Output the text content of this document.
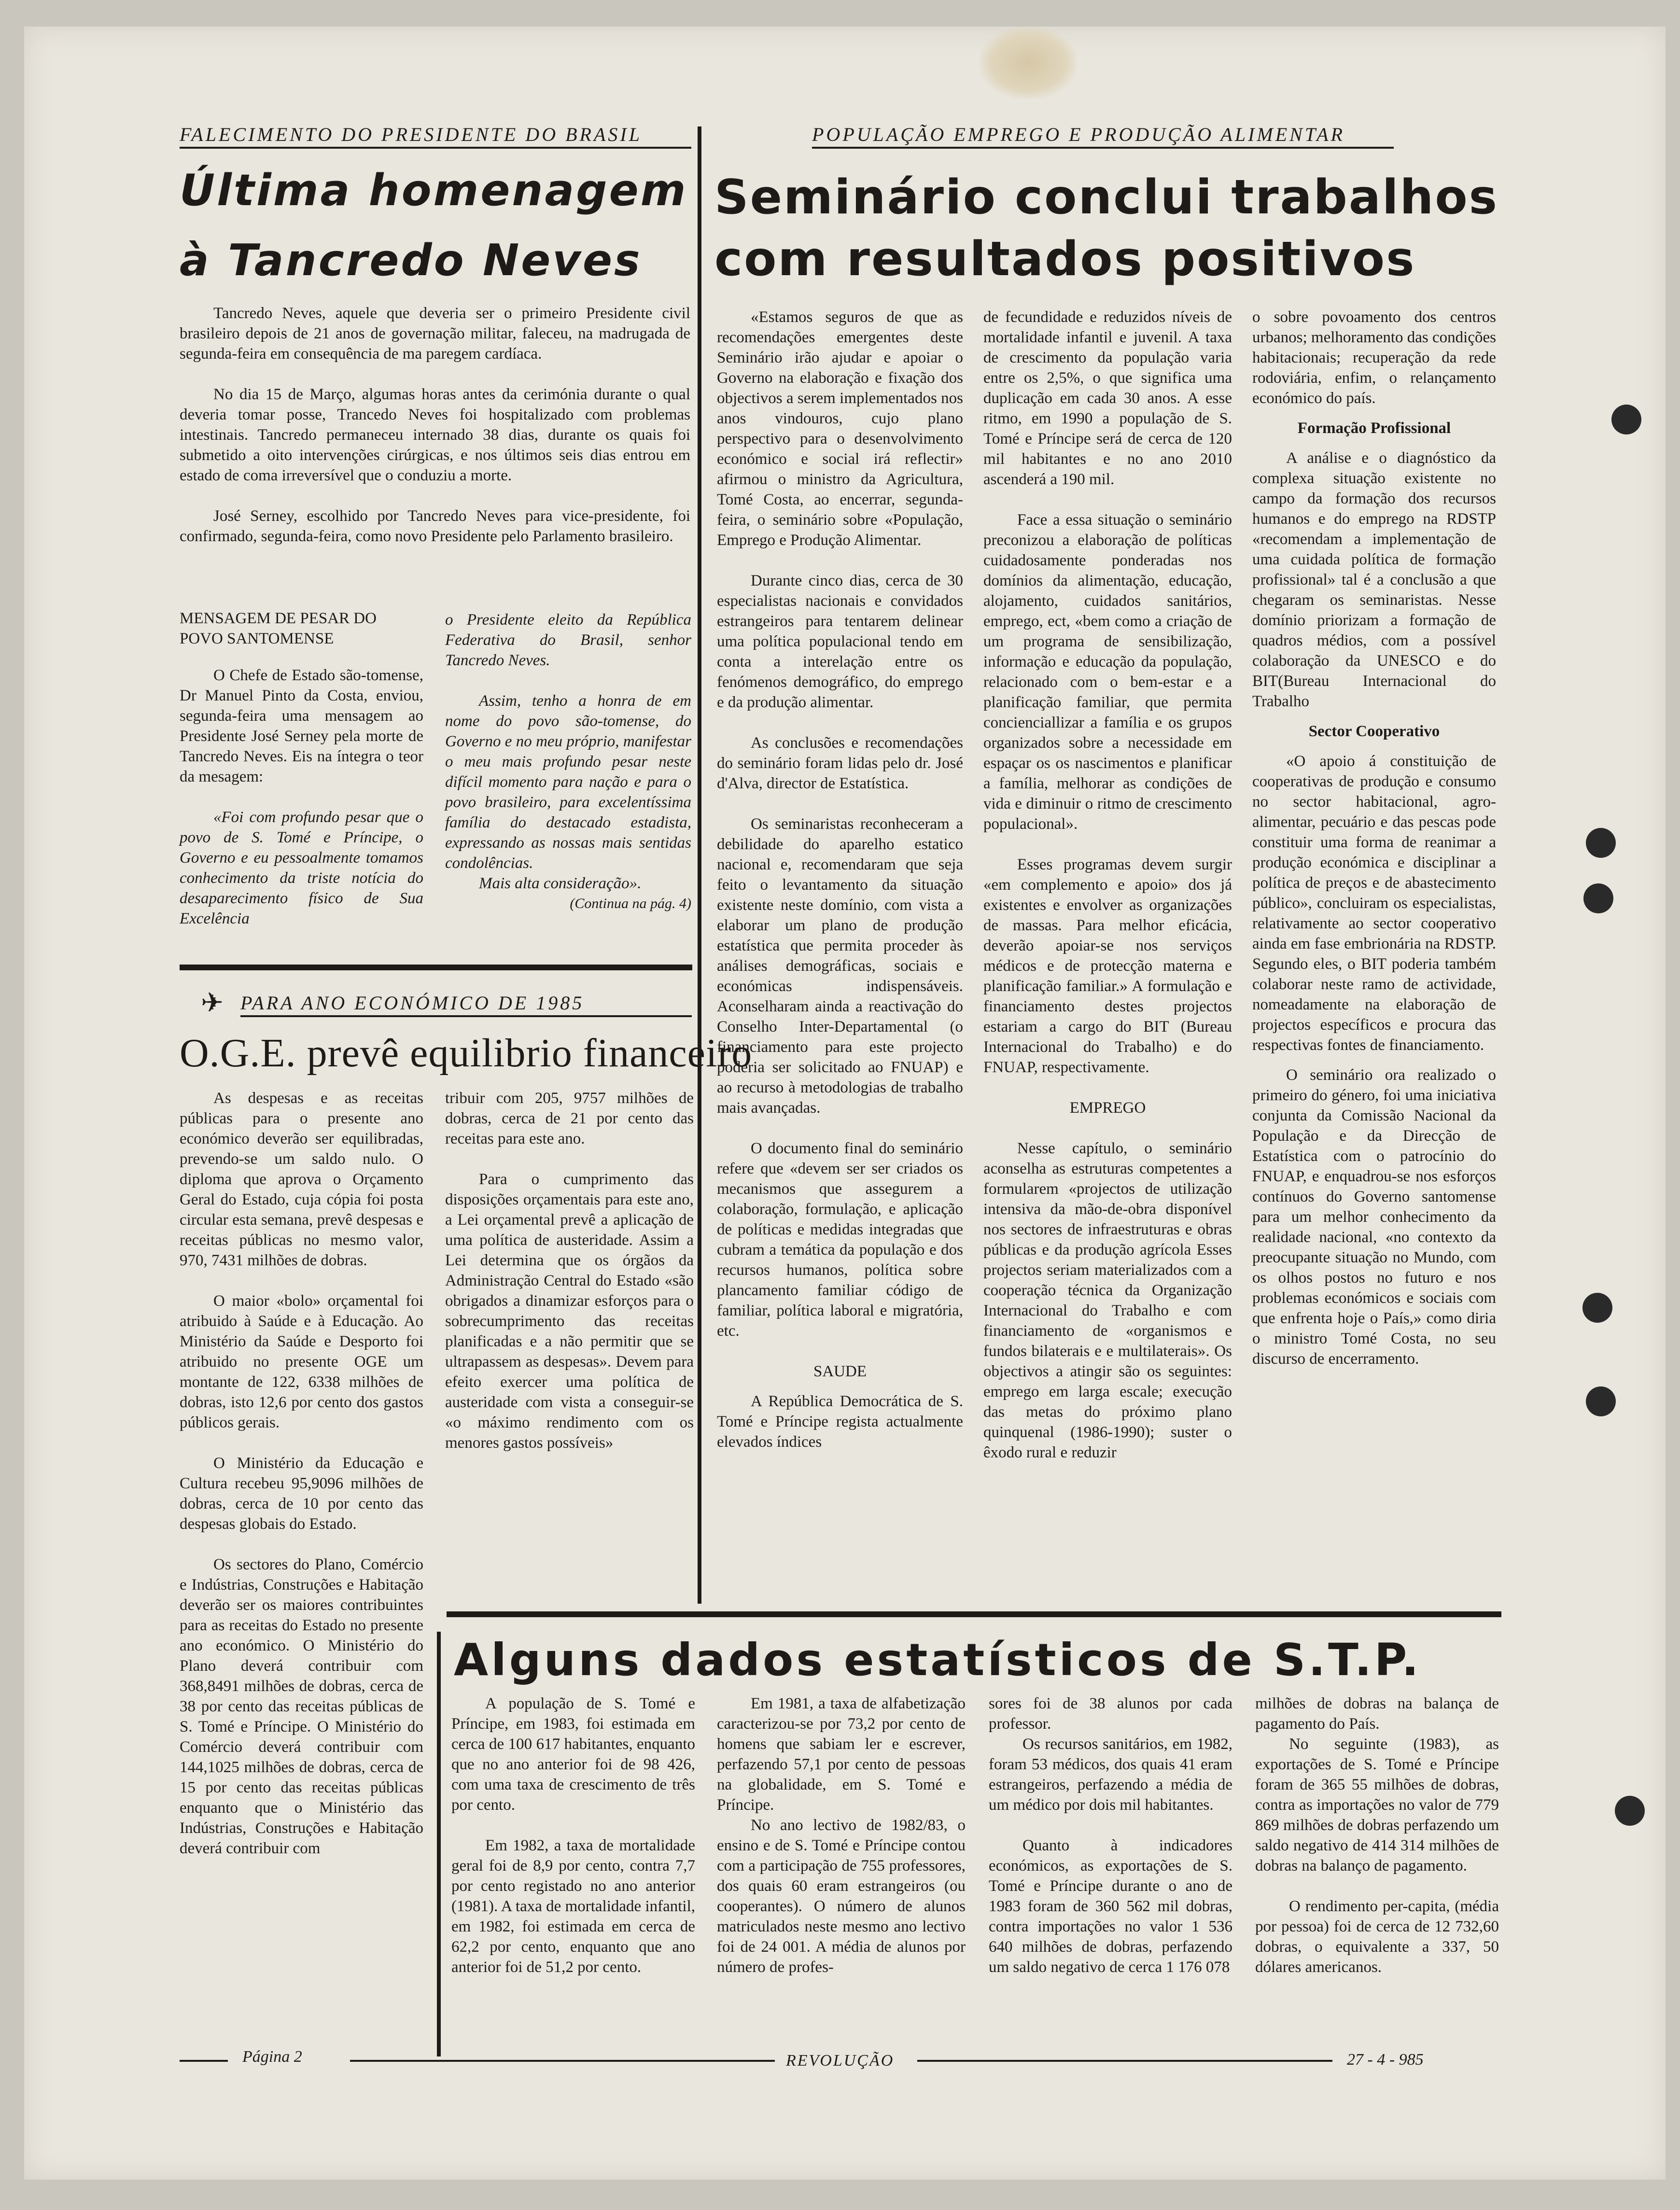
FALECIMENTO DO PRESIDENTE DO BRASIL	POPULAÇÃO EMPREGO E PRODUÇÃO ALIMENTAR
Última homenagem
à Tancredo Neves

Tancredo Neves, aquele que deveria ser o primeiro Presidente civil brasileiro depois de 21 anos de governação militar, faleceu, na madrugada de segunda-feira em consequência de ma paregem cardíaca.

No dia 15 de Março, algumas horas antes da cerimónia durante o qual deveria tomar posse, Trancedo Neves foi hospitalizado com problemas intestinais. Tancredo permaneceu internado 38 dias, durante os quais foi submetido a oito intervenções cirúrgicas, e nos últimos seis dias entrou em estado de coma irreversível que o conduziu a morte.

José Serney, escolhido por Tancredo Neves para vice-presidente, foi confirmado, segunda-feira, como novo Presidente pelo Parlamento brasileiro.

MENSAGEM DE PESAR DO POVO SANTOMENSE

O Chefe de Estado são-tomense, Dr Manuel Pinto da Costa, enviou, segunda-feira uma mensagem ao Presidente José Serney pela morte de Tancredo Neves. Eis na íntegra o teor da mesagem:

«Foi com profundo pesar que o povo de S. Tomé e Príncipe, o Governo e eu pessoalmente tomamos conhecimento da triste notícia do desaparecimento físico de Sua Excelência

o Presidente eleito da República Federativa do Brasil, senhor Tancredo Neves.

Assim, tenho a honra de em nome do povo são-tomense, do Governo e no meu próprio, manifestar o meu mais profundo pesar neste difícil momento para nação e para o povo brasileiro, para excelentíssima família do destacado estadista, expressando as nossas mais sentidas condolências.

Mais alta consideração».

(Continua na pág. 4)
✈ PARA ANO ECONÓMICO DE 1985
O.G.E. prevê equilibrio financeiro

As despesas e as receitas públicas para o presente ano económico deverão ser equilibradas, prevendo-se um saldo nulo. O diploma que aprova o Orçamento Geral do Estado, cuja cópia foi posta circular esta semana, prevê despesas e receitas públicas no mesmo valor, 970, 7431 milhões de dobras.

O maior «bolo» orçamental foi atribuido à Saúde e à Educação. Ao Ministério da Saúde e Desporto foi atribuido no presente OGE um montante de 122, 6338 milhões de dobras, isto 12,6 por cento dos gastos públicos gerais.

O Ministério da Educação e Cultura recebeu 95,9096 milhões de dobras, cerca de 10 por cento das despesas globais do Estado.

Os sectores do Plano, Comércio e Indústrias, Construções e Habitação deverão ser os maiores contribuintes para as receitas do Estado no presente ano económico. O Ministério do Plano deverá contribuir com 368,8491 milhões de dobras, cerca de 38 por cento das receitas públicas de S. Tomé e Príncipe. O Ministério do Comércio deverá contribuir com 144,1025 milhões de dobras, cerca de 15 por cento das receitas públicas enquanto que o Ministério das Indústrias, Construções e Habitação deverá contribuir com

tribuir com 205, 9757 milhões de dobras, cerca de 21 por cento das receitas para este ano.

Para o cumprimento das disposições orçamentais para este ano, a Lei orçamental prevê a aplicação de uma política de austeridade. Assim a Lei determina que os órgãos da Administração Central do Estado «são obrigados a dinamizar esforços para o sobrecumprimento das receitas planificadas e a não permitir que se ultrapassem as despesas». Devem para efeito exercer uma política de austeridade com vista a conseguir-se «o máximo rendimento com os menores gastos possíveis»

Seminário conclui trabalhos
com resultados positivos

«Estamos seguros de que as recomendações emergentes deste Seminário irão ajudar e apoiar o Governo na elaboração e fixação dos objectivos a serem implementados nos anos vindouros, cujo plano perspectivo para o desenvolvimento económico e social irá reflectir» afirmou o ministro da Agricultura, Tomé Costa, ao encerrar, segunda-feira, o seminário sobre «População, Emprego e Produção Alimentar.

Durante cinco dias, cerca de 30 especialistas nacionais e convidados estrangeiros para tentarem delinear uma política populacional tendo em conta a interelação entre os fenómenos demográfico, do emprego e da produção alimentar.

As conclusões e recomendações do seminário foram lidas pelo dr. José d'Alva, director de Estatística.

Os seminaristas reconheceram a debilidade do aparelho estatico nacional e, recomendaram que seja feito o levantamento da situação existente neste domínio, com vista a elaborar um plano de produção estatística que permita proceder às análises demográficas, sociais e económicas indispensáveis. Aconselharam ainda a reactivação do Conselho Inter-Departamental (o financiamento para este projecto poderia ser solicitado ao FNUAP) e ao recurso à metodologias de trabalho mais avançadas.

O documento final do seminário refere que «devem ser ser criados os mecanismos que assegurem a colaboração, formulação, e aplicação de políticas e medidas integradas que cubram a temática da população e dos recursos humanos, política sobre plancamento familiar código de familiar, política laboral e migratória, etc.

SAUDE

A República Democrática de S. Tomé e Príncipe regista actualmente elevados índices

de fecundidade e reduzidos níveis de mortalidade infantil e juvenil. A taxa de crescimento da população varia entre os 2,5%, o que significa uma duplicação em cada 30 anos. A esse ritmo, em 1990 a população de S. Tomé e Príncipe será de cerca de 120 mil habitantes e no ano 2010 ascenderá a 190 mil.

Face a essa situação o seminário preconizou a elaboração de políticas cuidadosamente ponderadas nos domínios da alimentação, educação, alojamento, cuidados sanitários, emprego, ect, «bem como a criação de um programa de sensibilização, informação e educação da população, relacionado com o bem-estar e a planificação familiar, que permita concienciallizar a família e os grupos organizados sobre a necessidade em espaçar os os nascimentos e planificar a família, melhorar as condições de vida e diminuir o ritmo de crescimento populacional».

Esses programas devem surgir «em complemento e apoio» dos já existentes e envolver as organizações de massas. Para melhor eficácia, deverão apoiar-se nos serviços médicos e de protecção materna e planificação familiar.» A formulação e financiamento destes projectos estariam a cargo do BIT (Bureau Internacional do Trabalho) e do FNUAP, respectivamente.

EMPREGO

Nesse capítulo, o seminário aconselha as estruturas competentes a formularem «projectos de utilização intensiva da mão-de-obra disponível nos sectores de infraestruturas e obras públicas e da produção agrícola Esses projectos seriam materializados com a cooperação técnica da Organização Internacional do Trabalho e com financiamento de «organismos e fundos bilaterais e e multilaterais». Os objectivos a atingir são os seguintes: emprego em larga escale; execução das metas do próximo plano quinquenal (1986-1990); suster o êxodo rural e reduzir

o sobre povoamento dos centros urbanos; melhoramento das condições habitacionais; recuperação da rede rodoviária, enfim, o relançamento económico do país.

Formação Profissional

A análise e o diagnóstico da complexa situação existente no campo da formação dos recursos humanos e do emprego na RDSTP «recomendam a implementação de uma cuidada política de formação profissional» tal é a conclusão a que chegaram os seminaristas. Nesse domínio priorizam a formação de quadros médios, com a possível colaboração da UNESCO e do BIT(Bureau Internacional do Trabalho

Sector Cooperativo

«O apoio á constituição de cooperativas de produção e consumo no sector habitacional, agro-alimentar, pecuário e das pescas pode constituir uma forma de reanimar a produção económica e disciplinar a política de preços e de abastecimento público», concluiram os especialistas, relativamente ao sector cooperativo ainda em fase embrionária na RDSTP. Segundo eles, o BIT poderia também colaborar neste ramo de actividade, nomeadamente na elaboração de projectos específicos e procura das respectivas fontes de financiamento.

O seminário ora realizado o primeiro do género, foi uma iniciativa conjunta da Comissão Nacional da População e da Direcção de Estatística com o patrocínio do FNUAP, e enquadrou-se nos esforços contínuos do Governo santomense para um melhor conhecimento da realidade nacional, «no contexto da preocupante situação no Mundo, com os olhos postos no futuro e nos problemas económicos e sociais com que enfrenta hoje o País,» como diria o ministro Tomé Costa, no seu discurso de encerramento.

Alguns dados estatísticos de S.T.P.

A população de S. Tomé e Príncipe, em 1983, foi estimada em cerca de 100 617 habitantes, enquanto que no ano anterior foi de 98 426, com uma taxa de crescimento de três por cento.

Em 1982, a taxa de mortalidade geral foi de 8,9 por cento, contra 7,7 por cento registado no ano anterior (1981). A taxa de mortalidade infantil, em 1982, foi estimada em cerca de 62,2 por cento, enquanto que ano anterior foi de 51,2 por cento.

Em 1981, a taxa de alfabetização caracterizou-se por 73,2 por cento de homens que sabiam ler e escrever, perfazendo 57,1 por cento de pessoas na globalidade, em S. Tomé e Príncipe.

No ano lectivo de 1982/83, o ensino e de S. Tomé e Príncipe contou com a participação de 755 professores, dos quais 60 eram estrangeiros (ou cooperantes). O número de alunos matriculados neste mesmo ano lectivo foi de 24 001. A média de alunos por número de profes-

sores foi de 38 alunos por cada professor.

Os recursos sanitários, em 1982, foram 53 médicos, dos quais 41 eram estrangeiros, perfazendo a média de um médico por dois mil habitantes.

Quanto à indicadores económicos, as exportações de S. Tomé e Príncipe durante o ano de 1983 foram de 360 562 mil dobras, contra importações no valor 1 536 640 milhões de dobras, perfazendo um saldo negativo de cerca 1 176 078

milhões de dobras na balança de pagamento do País.

No seguinte (1983), as exportações de S. Tomé e Príncipe foram de 365 55 milhões de dobras, contra as importações no valor de 779 869 milhões de dobras perfazendo um saldo negativo de 414 314 milhões de dobras na balanço de pagamento.

O rendimento per-capita, (média por pessoa) foi de cerca de 12 732,60 dobras, o equivalente a 337, 50 dólares americanos.

Página 2	REVOLUÇÃO	27 - 4 - 985
